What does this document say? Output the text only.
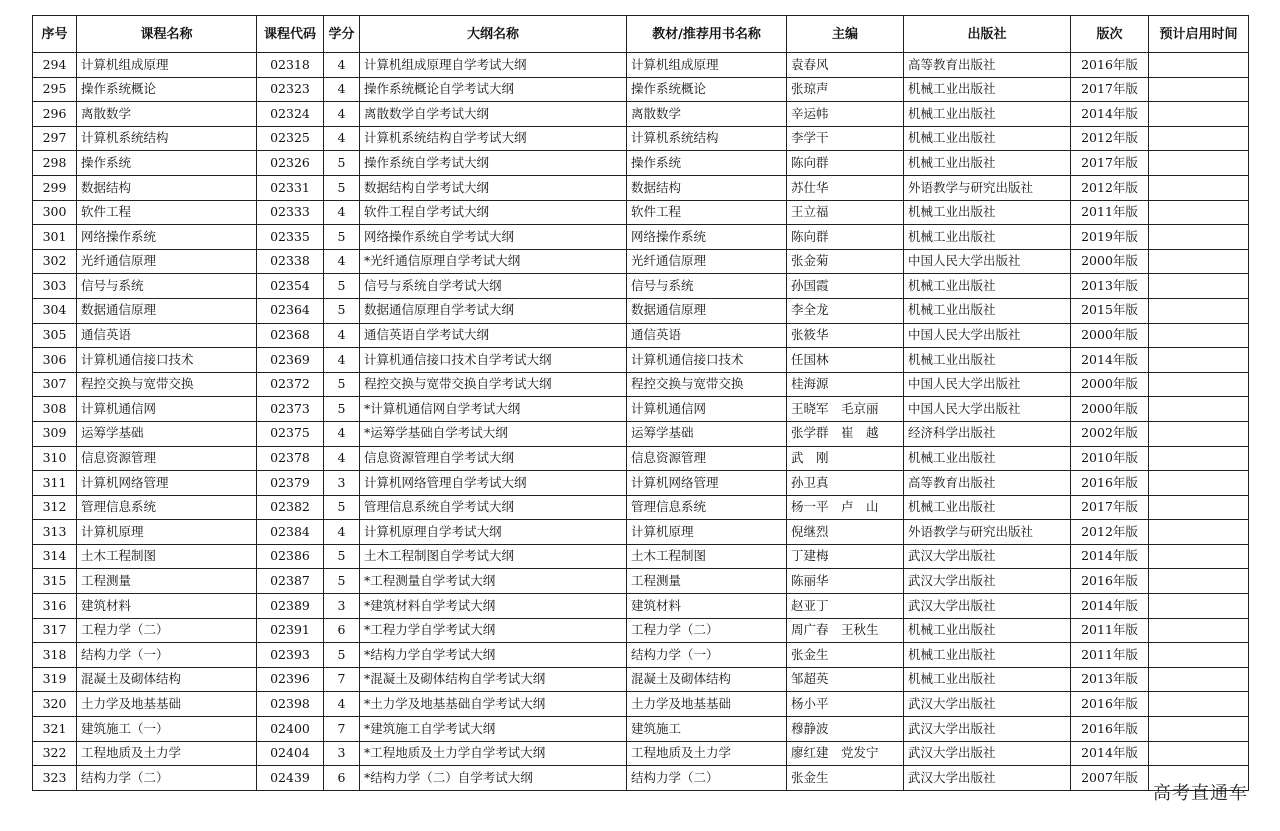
序号	课程名称	课程代码	学分	大纲名称	教材/推荐用书名称	主编	出版社	版次	预计启用时间
294	计算机组成原理	02318	4	计算机组成原理自学考试大纲	计算机组成原理	袁春风	高等教育出版社	2016年版	
295	操作系统概论	02323	4	操作系统概论自学考试大纲	操作系统概论	张琼声	机械工业出版社	2017年版	
296	离散数学	02324	4	离散数学自学考试大纲	离散数学	辛运帏	机械工业出版社	2014年版	
297	计算机系统结构	02325	4	计算机系统结构自学考试大纲	计算机系统结构	李学干	机械工业出版社	2012年版	
298	操作系统	02326	5	操作系统自学考试大纲	操作系统	陈向群	机械工业出版社	2017年版	
299	数据结构	02331	5	数据结构自学考试大纲	数据结构	苏仕华	外语教学与研究出版社	2012年版	
300	软件工程	02333	4	软件工程自学考试大纲	软件工程	王立福	机械工业出版社	2011年版	
301	网络操作系统	02335	5	网络操作系统自学考试大纲	网络操作系统	陈向群	机械工业出版社	2019年版	
302	光纤通信原理	02338	4	*光纤通信原理自学考试大纲	光纤通信原理	张金菊	中国人民大学出版社	2000年版	
303	信号与系统	02354	5	信号与系统自学考试大纲	信号与系统	孙国霞	机械工业出版社	2013年版	
304	数据通信原理	02364	5	数据通信原理自学考试大纲	数据通信原理	李全龙	机械工业出版社	2015年版	
305	通信英语	02368	4	通信英语自学考试大纲	通信英语	张筱华	中国人民大学出版社	2000年版	
306	计算机通信接口技术	02369	4	计算机通信接口技术自学考试大纲	计算机通信接口技术	任国林	机械工业出版社	2014年版	
307	程控交换与宽带交换	02372	5	程控交换与宽带交换自学考试大纲	程控交换与宽带交换	桂海源	中国人民大学出版社	2000年版	
308	计算机通信网	02373	5	*计算机通信网自学考试大纲	计算机通信网	王晓军　毛京丽	中国人民大学出版社	2000年版	
309	运筹学基础	02375	4	*运筹学基础自学考试大纲	运筹学基础	张学群　崔　越	经济科学出版社	2002年版	
310	信息资源管理	02378	4	信息资源管理自学考试大纲	信息资源管理	武　刚	机械工业出版社	2010年版	
311	计算机网络管理	02379	3	计算机网络管理自学考试大纲	计算机网络管理	孙卫真	高等教育出版社	2016年版	
312	管理信息系统	02382	5	管理信息系统自学考试大纲	管理信息系统	杨一平　卢　山	机械工业出版社	2017年版	
313	计算机原理	02384	4	计算机原理自学考试大纲	计算机原理	倪继烈	外语教学与研究出版社	2012年版	
314	土木工程制图	02386	5	土木工程制图自学考试大纲	土木工程制图	丁建梅	武汉大学出版社	2014年版	
315	工程测量	02387	5	*工程测量自学考试大纲	工程测量	陈丽华	武汉大学出版社	2016年版	
316	建筑材料	02389	3	*建筑材料自学考试大纲	建筑材料	赵亚丁	武汉大学出版社	2014年版	
317	工程力学（二）	02391	6	*工程力学自学考试大纲	工程力学（二）	周广春　王秋生	机械工业出版社	2011年版	
318	结构力学（一）	02393	5	*结构力学自学考试大纲	结构力学（一）	张金生	机械工业出版社	2011年版	
319	混凝土及砌体结构	02396	7	*混凝土及砌体结构自学考试大纲	混凝土及砌体结构	邹超英	机械工业出版社	2013年版	
320	土力学及地基基础	02398	4	*土力学及地基基础自学考试大纲	土力学及地基基础	杨小平	武汉大学出版社	2016年版	
321	建筑施工（一）	02400	7	*建筑施工自学考试大纲	建筑施工	穆静波	武汉大学出版社	2016年版	
322	工程地质及土力学	02404	3	*工程地质及土力学自学考试大纲	工程地质及土力学	廖红建　党发宁	武汉大学出版社	2014年版	
323	结构力学（二）	02439	6	*结构力学（二）自学考试大纲	结构力学（二）	张金生	武汉大学出版社	2007年版	
高考直通车
